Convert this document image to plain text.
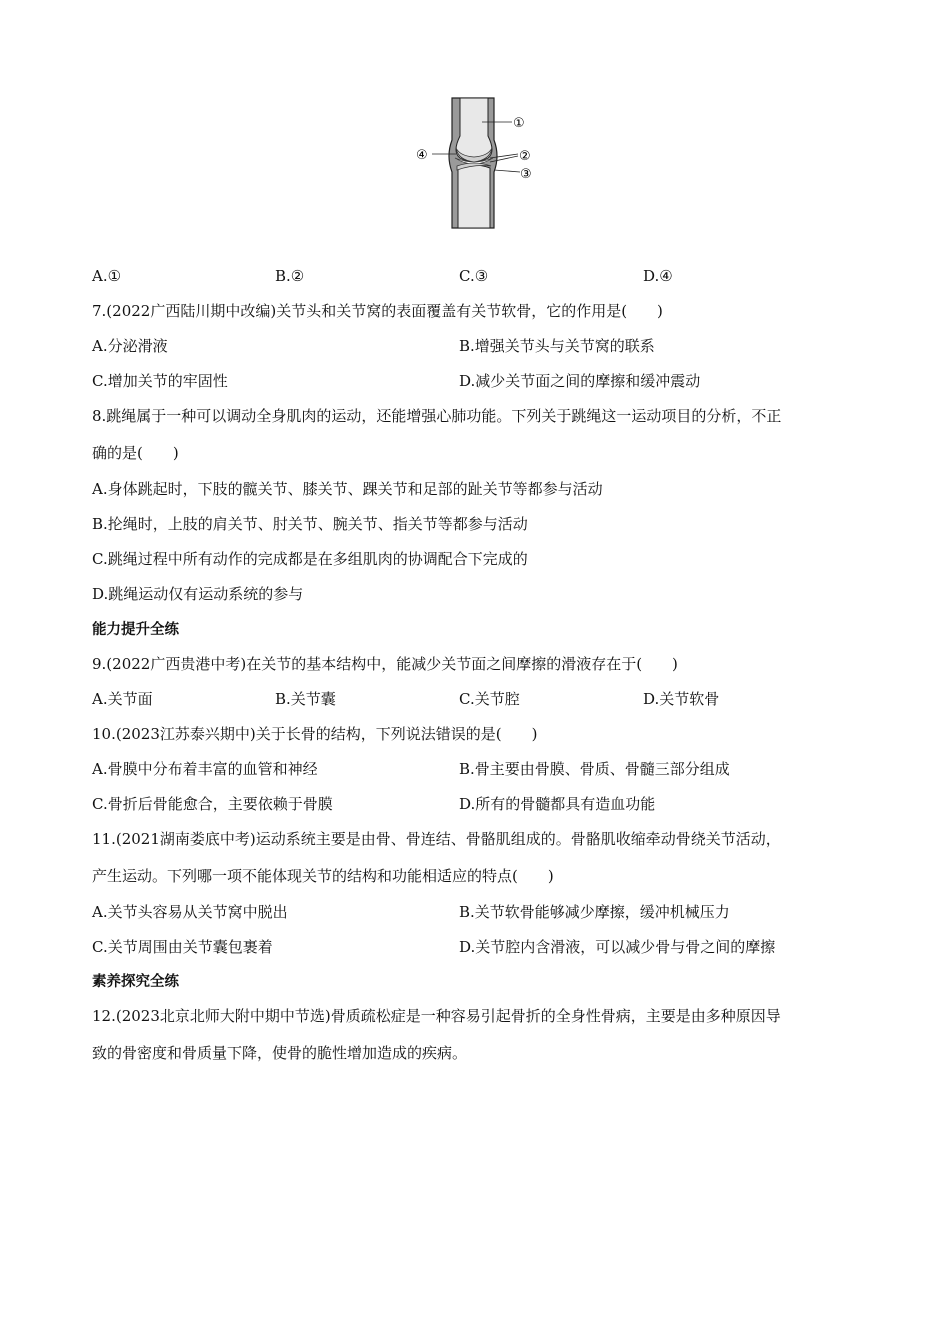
①
④	②
③
A.①	B.②	C.③	D.④
7.(2022广西陆川期中改编)关节头和关节窝的表面覆盖有关节软骨，它的作用是(　　)
A.分泌滑液	B.增强关节头与关节窝的联系
C.增加关节的牢固性	D.减少关节面之间的摩擦和缓冲震动
8.跳绳属于一种可以调动全身肌肉的运动，还能增强心肺功能。下列关于跳绳这一运动项目的分析，不正
确的是(　　)
A.身体跳起时，下肢的髋关节、膝关节、踝关节和足部的趾关节等都参与活动
B.抡绳时，上肢的肩关节、肘关节、腕关节、指关节等都参与活动
C.跳绳过程中所有动作的完成都是在多组肌肉的协调配合下完成的
D.跳绳运动仅有运动系统的参与
能力提升全练
9.(2022广西贵港中考)在关节的基本结构中，能减少关节面之间摩擦的滑液存在于(　　)
A.关节面	B.关节囊	C.关节腔	D.关节软骨
10.(2023江苏泰兴期中)关于长骨的结构，下列说法错误的是(　　)
A.骨膜中分布着丰富的血管和神经	B.骨主要由骨膜、骨质、骨髓三部分组成
C.骨折后骨能愈合，主要依赖于骨膜	D.所有的骨髓都具有造血功能
11.(2021湖南娄底中考)运动系统主要是由骨、骨连结、骨骼肌组成的。骨骼肌收缩牵动骨绕关节活动，
产生运动。下列哪一项不能体现关节的结构和功能相适应的特点(　　)
A.关节头容易从关节窝中脱出	B.关节软骨能够减少摩擦，缓冲机械压力
C.关节周围由关节囊包裹着	D.关节腔内含滑液，可以减少骨与骨之间的摩擦
素养探究全练
12.(2023北京北师大附中期中节选)骨质疏松症是一种容易引起骨折的全身性骨病，主要是由多种原因导
致的骨密度和骨质量下降，使骨的脆性增加造成的疾病。
